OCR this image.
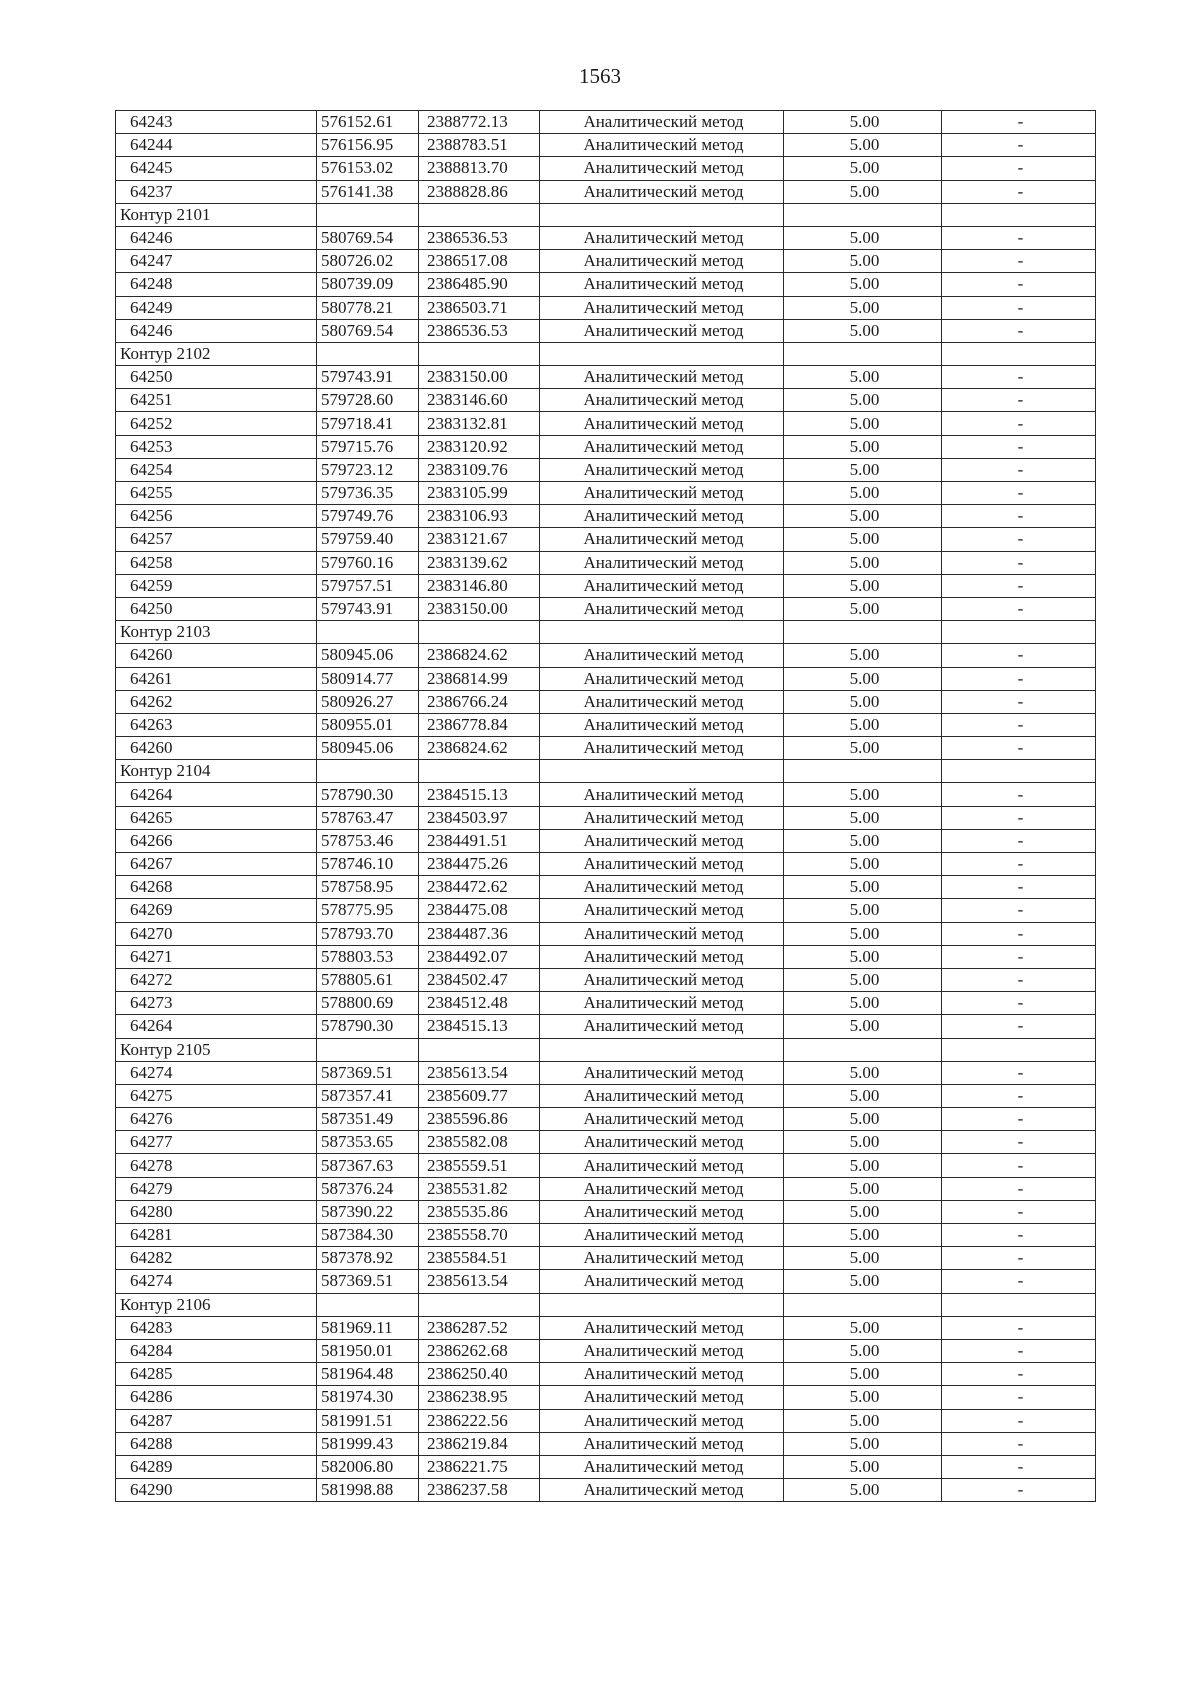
1563
64243	576152.61	2388772.13	Аналитический метод	5.00	-
64244	576156.95	2388783.51	Аналитический метод	5.00	-
64245	576153.02	2388813.70	Аналитический метод	5.00	-
64237	576141.38	2388828.86	Аналитический метод	5.00	-
Контур 2101					
64246	580769.54	2386536.53	Аналитический метод	5.00	-
64247	580726.02	2386517.08	Аналитический метод	5.00	-
64248	580739.09	2386485.90	Аналитический метод	5.00	-
64249	580778.21	2386503.71	Аналитический метод	5.00	-
64246	580769.54	2386536.53	Аналитический метод	5.00	-
Контур 2102					
64250	579743.91	2383150.00	Аналитический метод	5.00	-
64251	579728.60	2383146.60	Аналитический метод	5.00	-
64252	579718.41	2383132.81	Аналитический метод	5.00	-
64253	579715.76	2383120.92	Аналитический метод	5.00	-
64254	579723.12	2383109.76	Аналитический метод	5.00	-
64255	579736.35	2383105.99	Аналитический метод	5.00	-
64256	579749.76	2383106.93	Аналитический метод	5.00	-
64257	579759.40	2383121.67	Аналитический метод	5.00	-
64258	579760.16	2383139.62	Аналитический метод	5.00	-
64259	579757.51	2383146.80	Аналитический метод	5.00	-
64250	579743.91	2383150.00	Аналитический метод	5.00	-
Контур 2103					
64260	580945.06	2386824.62	Аналитический метод	5.00	-
64261	580914.77	2386814.99	Аналитический метод	5.00	-
64262	580926.27	2386766.24	Аналитический метод	5.00	-
64263	580955.01	2386778.84	Аналитический метод	5.00	-
64260	580945.06	2386824.62	Аналитический метод	5.00	-
Контур 2104					
64264	578790.30	2384515.13	Аналитический метод	5.00	-
64265	578763.47	2384503.97	Аналитический метод	5.00	-
64266	578753.46	2384491.51	Аналитический метод	5.00	-
64267	578746.10	2384475.26	Аналитический метод	5.00	-
64268	578758.95	2384472.62	Аналитический метод	5.00	-
64269	578775.95	2384475.08	Аналитический метод	5.00	-
64270	578793.70	2384487.36	Аналитический метод	5.00	-
64271	578803.53	2384492.07	Аналитический метод	5.00	-
64272	578805.61	2384502.47	Аналитический метод	5.00	-
64273	578800.69	2384512.48	Аналитический метод	5.00	-
64264	578790.30	2384515.13	Аналитический метод	5.00	-
Контур 2105					
64274	587369.51	2385613.54	Аналитический метод	5.00	-
64275	587357.41	2385609.77	Аналитический метод	5.00	-
64276	587351.49	2385596.86	Аналитический метод	5.00	-
64277	587353.65	2385582.08	Аналитический метод	5.00	-
64278	587367.63	2385559.51	Аналитический метод	5.00	-
64279	587376.24	2385531.82	Аналитический метод	5.00	-
64280	587390.22	2385535.86	Аналитический метод	5.00	-
64281	587384.30	2385558.70	Аналитический метод	5.00	-
64282	587378.92	2385584.51	Аналитический метод	5.00	-
64274	587369.51	2385613.54	Аналитический метод	5.00	-
Контур 2106					
64283	581969.11	2386287.52	Аналитический метод	5.00	-
64284	581950.01	2386262.68	Аналитический метод	5.00	-
64285	581964.48	2386250.40	Аналитический метод	5.00	-
64286	581974.30	2386238.95	Аналитический метод	5.00	-
64287	581991.51	2386222.56	Аналитический метод	5.00	-
64288	581999.43	2386219.84	Аналитический метод	5.00	-
64289	582006.80	2386221.75	Аналитический метод	5.00	-
64290	581998.88	2386237.58	Аналитический метод	5.00	-
